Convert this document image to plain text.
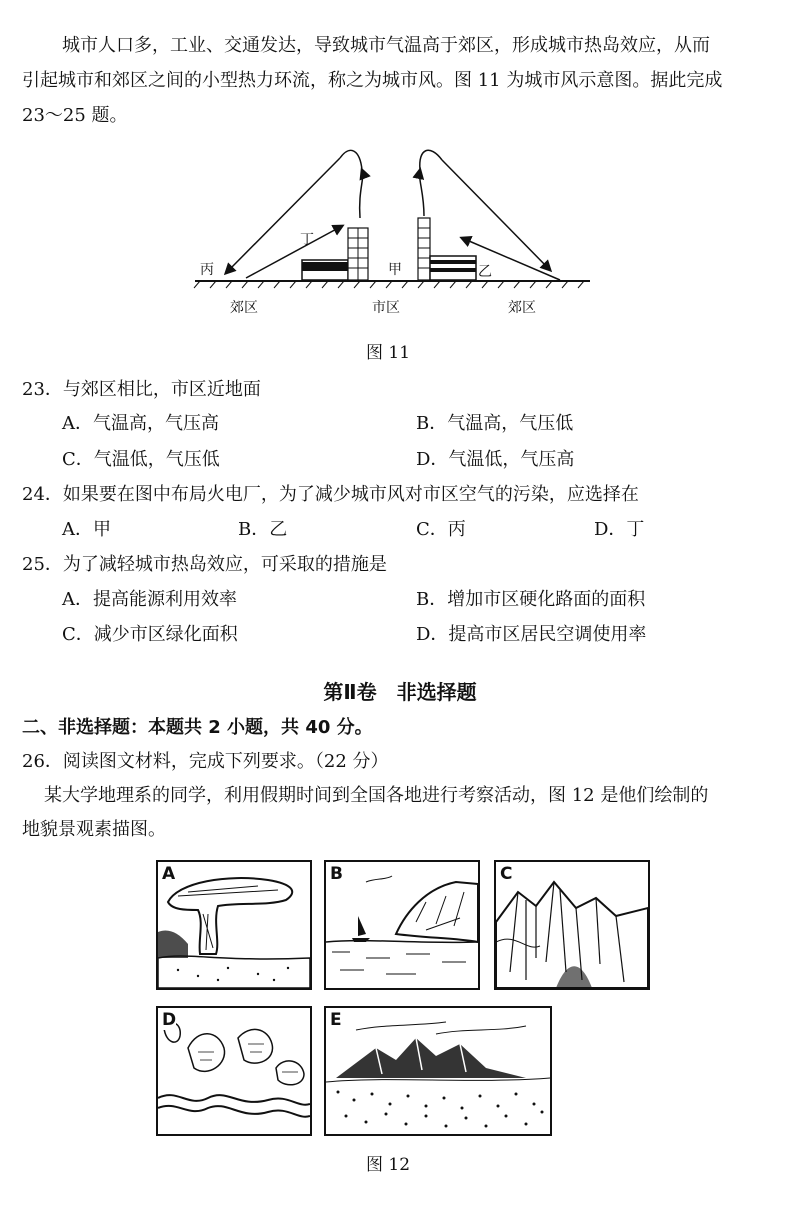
城市人口多，工业、交通发达，导致城市气温高于郊区，形成城市热岛效应，从而
引起城市和郊区之间的小型热力环流，称之为城市风。图 11 为城市风示意图。据此完成
23～25 题。
丙
丁
甲	乙
郊区	市区	郊区
图 11
23．与郊区相比，市区近地面
A．气温高，气压高	B．气温高，气压低
C．气温低，气压低	D．气温低，气压高
24．如果要在图中布局火电厂，为了减少城市风对市区空气的污染，应选择在
A．甲	B．乙	C．丙	D．丁
25．为了减轻城市热岛效应，可采取的措施是
A．提高能源利用效率	B．增加市区硬化路面的面积
C．减少市区绿化面积	D．提高市区居民空调使用率
第Ⅱ卷　非选择题
二、非选择题：本题共 2 小题，共 40 分。
26．阅读图文材料，完成下列要求。（22 分）
某大学地理系的同学，利用假期时间到全国各地进行考察活动，图 12 是他们绘制的
地貌景观素描图。
A	B	C
D	E
图 12
